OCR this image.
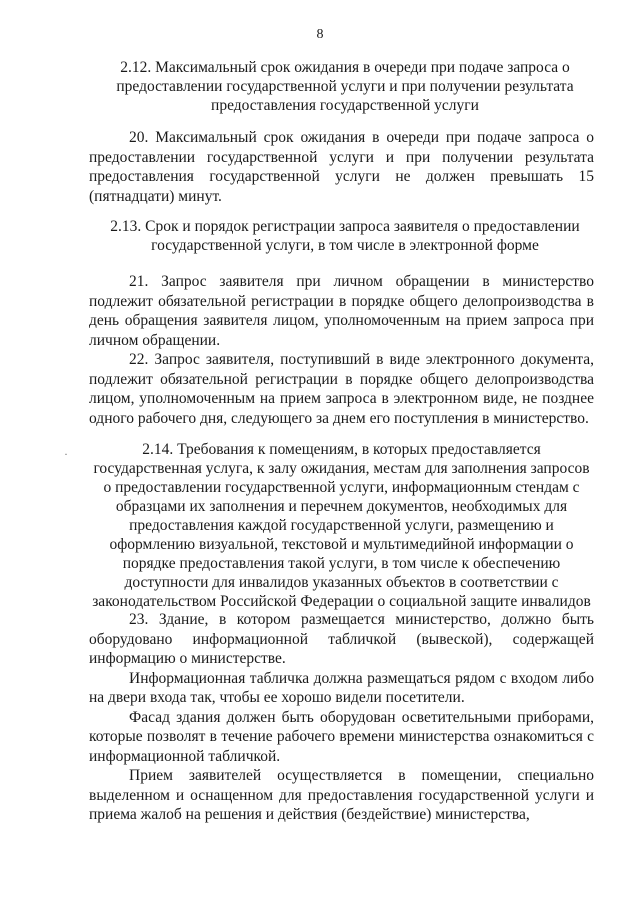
8

2.12. Максимальный срок ожидания в очереди при подаче запроса о предоставлении государственной услуги и при получении результата предоставления государственной услуги

20. Максимальный срок ожидания в очереди при подаче запроса о предоставлении государственной услуги и при получении результата предоставления государственной услуги не должен превышать 15 (пятнадцати) минут.

2.13. Срок и порядок регистрации запроса заявителя о предоставлении государственной услуги, в том числе в электронной форме

21. Запрос заявителя при личном обращении в министерство подлежит обязательной регистрации в порядке общего делопроизводства в день обращения заявителя лицом, уполномоченным на прием запроса при личном обращении.

22. Запрос заявителя, поступивший в виде электронного документа, подлежит обязательной регистрации в порядке общего делопроизводства лицом, уполномоченным на прием запроса в электронном виде, не позднее одного рабочего дня, следующего за днем его поступления в министерство.

·	2.14. Требования к помещениям, в которых предоставляется государственная услуга, к залу ожидания, местам для заполнения запросов о предоставлении государственной услуги, информационным стендам с образцами их заполнения и перечнем документов, необходимых для предоставления каждой государственной услуги, размещению и оформлению визуальной, текстовой и мультимедийной информации о порядке предоставления такой услуги, в том числе к обеспечению доступности для инвалидов указанных объектов в соответствии с законодательством Российской Федерации о социальной защите инвалидов

23. Здание, в котором размещается министерство, должно быть оборудовано информационной табличкой (вывеской), содержащей информацию о министерстве.

Информационная табличка должна размещаться рядом с входом либо на двери входа так, чтобы ее хорошо видели посетители.

Фасад здания должен быть оборудован осветительными приборами, которые позволят в течение рабочего времени министерства ознакомиться с информационной табличкой.

Прием заявителей осуществляется в помещении, специально выделенном и оснащенном для предоставления государственной услуги и приема жалоб на решения и действия (бездействие) министерства,
